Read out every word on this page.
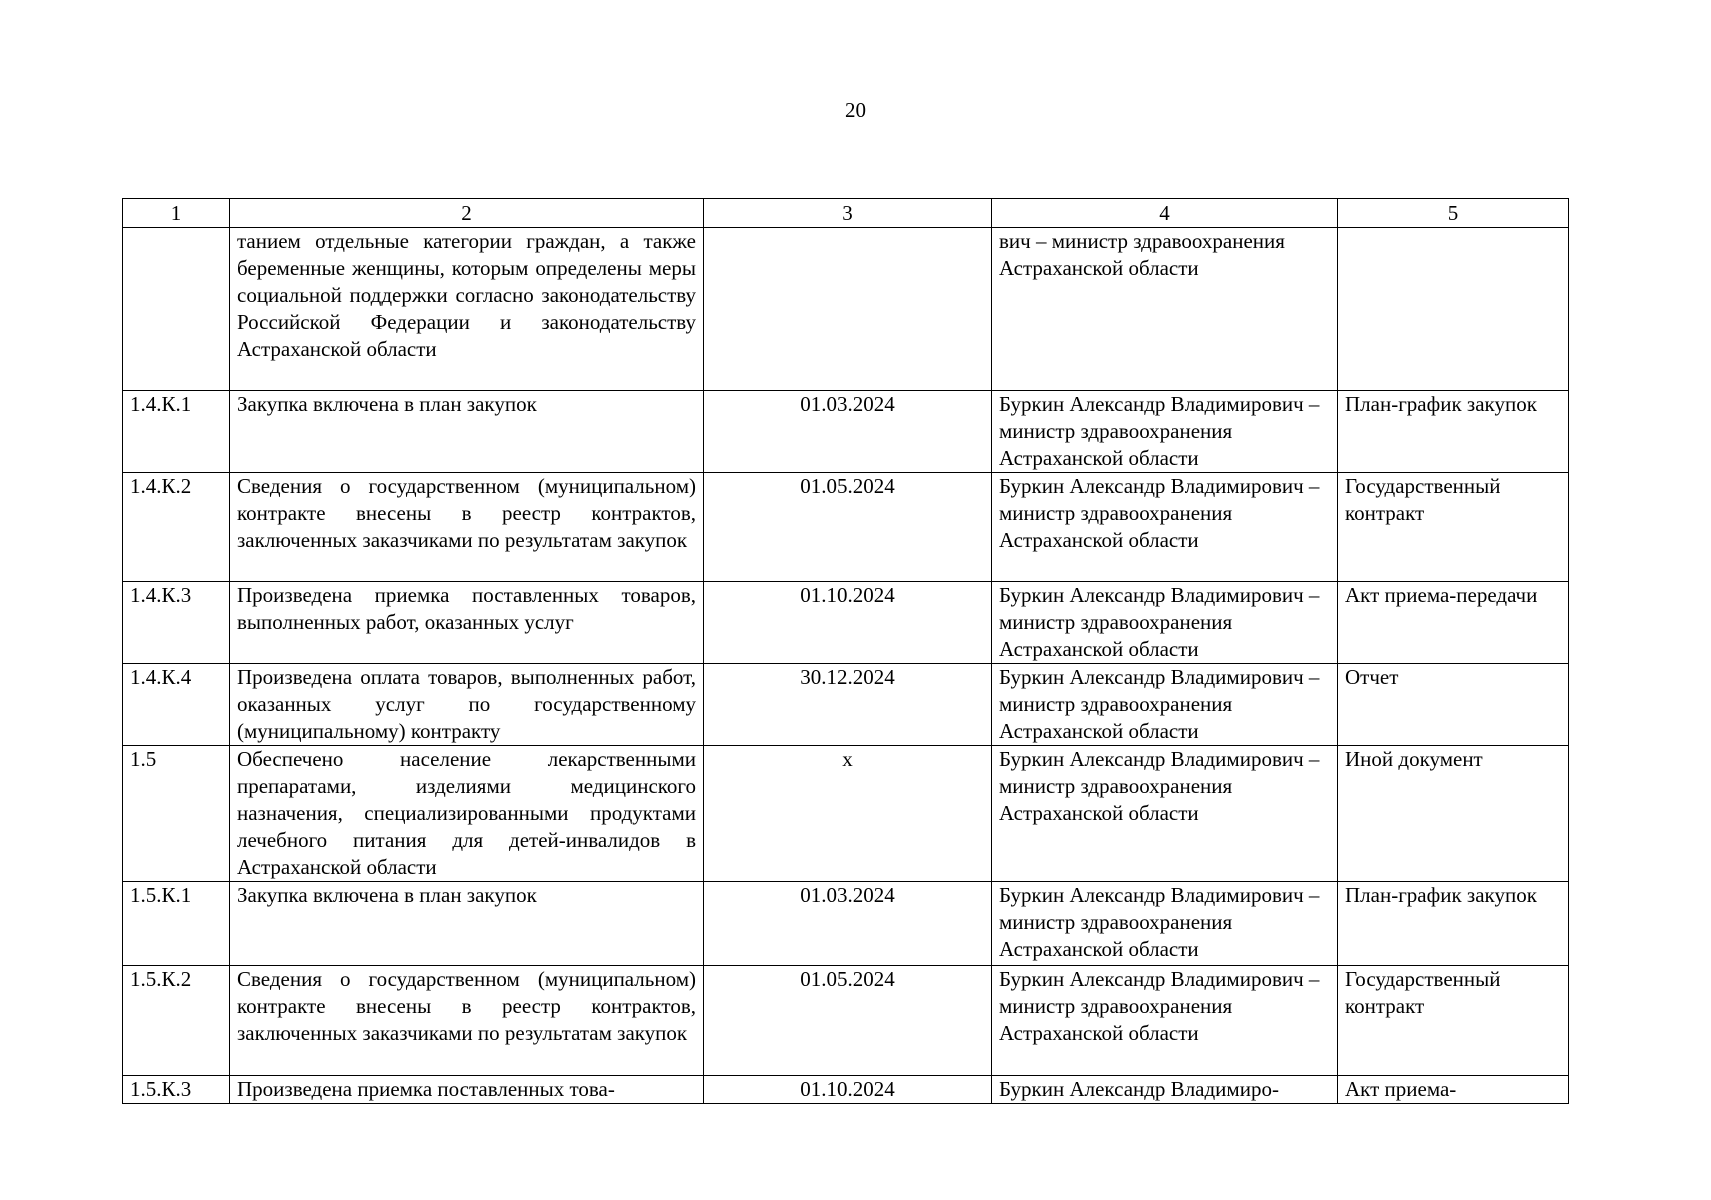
20
1	2	3	4	5
	танием отдельные категории граждан, а также беременные женщины, которым определены меры социальной поддержки согласно законодательству Российской Федерации и законодательству Астраханской области		вич – министр здравоохранения Астраханской области	
1.4.К.1	Закупка включена в план закупок	01.03.2024	Буркин Александр Владимирович – министр здравоохранения Астраханской области	План-график закупок
1.4.К.2	Сведения о государственном (муниципальном) контракте внесены в реестр контрактов, заключенных заказчиками по результатам закупок	01.05.2024	Буркин Александр Владимирович – министр здравоохранения Астраханской области	Государственный контракт
1.4.К.3	Произведена приемка поставленных товаров, выполненных работ, оказанных услуг	01.10.2024	Буркин Александр Владимирович – министр здравоохранения Астраханской области	Акт приема-передачи
1.4.К.4	Произведена оплата товаров, выполненных работ, оказанных услуг по государственному (муниципальному) контракту	30.12.2024	Буркин Александр Владимирович – министр здравоохранения Астраханской области	Отчет
1.5	Обеспечено население лекарственными препаратами, изделиями медицинского назначения, специализированными продуктами лечебного питания для детей-инвалидов в Астраханской области	х	Буркин Александр Владимирович – министр здравоохранения Астраханской области	Иной документ
1.5.К.1	Закупка включена в план закупок	01.03.2024	Буркин Александр Владимирович – министр здравоохранения Астраханской области	План-график закупок
1.5.К.2	Сведения о государственном (муниципальном) контракте внесены в реестр контрактов, заключенных заказчиками по результатам закупок	01.05.2024	Буркин Александр Владимирович – министр здравоохранения Астраханской области	Государственный контракт
1.5.К.3	Произведена приемка поставленных това-	01.10.2024	Буркин Александр Владимиро-	Акт приема-
